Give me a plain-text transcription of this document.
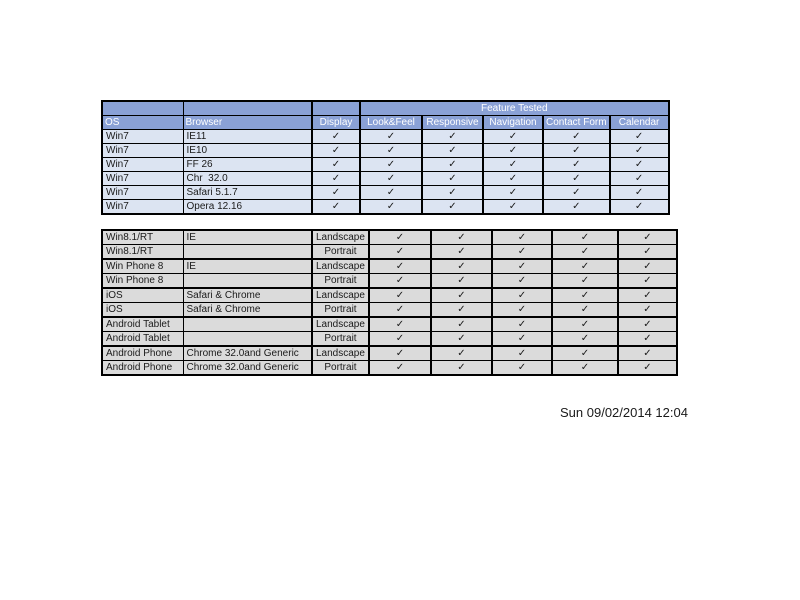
			Feature Tested				
OS	Browser	Display	Look&Feel	Responsive	Navigation	Contact Form	Calendar
Win7	IE11	✓	✓	✓	✓	✓	✓
Win7	IE10	✓	✓	✓	✓	✓	✓
Win7	FF 26	✓	✓	✓	✓	✓	✓
Win7	Chr  32.0	✓	✓	✓	✓	✓	✓
Win7	Safari 5.1.7	✓	✓	✓	✓	✓	✓
Win7	Opera 12.16	✓	✓	✓	✓	✓	✓
Win8.1/RT	IE	Landscape	✓	✓	✓	✓	✓
Win8.1/RT		Portrait	✓	✓	✓	✓	✓
Win Phone 8	IE	Landscape	✓	✓	✓	✓	✓
Win Phone 8		Portrait	✓	✓	✓	✓	✓
iOS	Safari & Chrome	Landscape	✓	✓	✓	✓	✓
iOS	Safari & Chrome	Portrait	✓	✓	✓	✓	✓
Android Tablet		Landscape	✓	✓	✓	✓	✓
Android Tablet		Portrait	✓	✓	✓	✓	✓
Android Phone	Chrome 32.0and Generic	Landscape	✓	✓	✓	✓	✓
Android Phone	Chrome 32.0and Generic	Portrait	✓	✓	✓	✓	✓
Sun 09/02/2014 12:04
